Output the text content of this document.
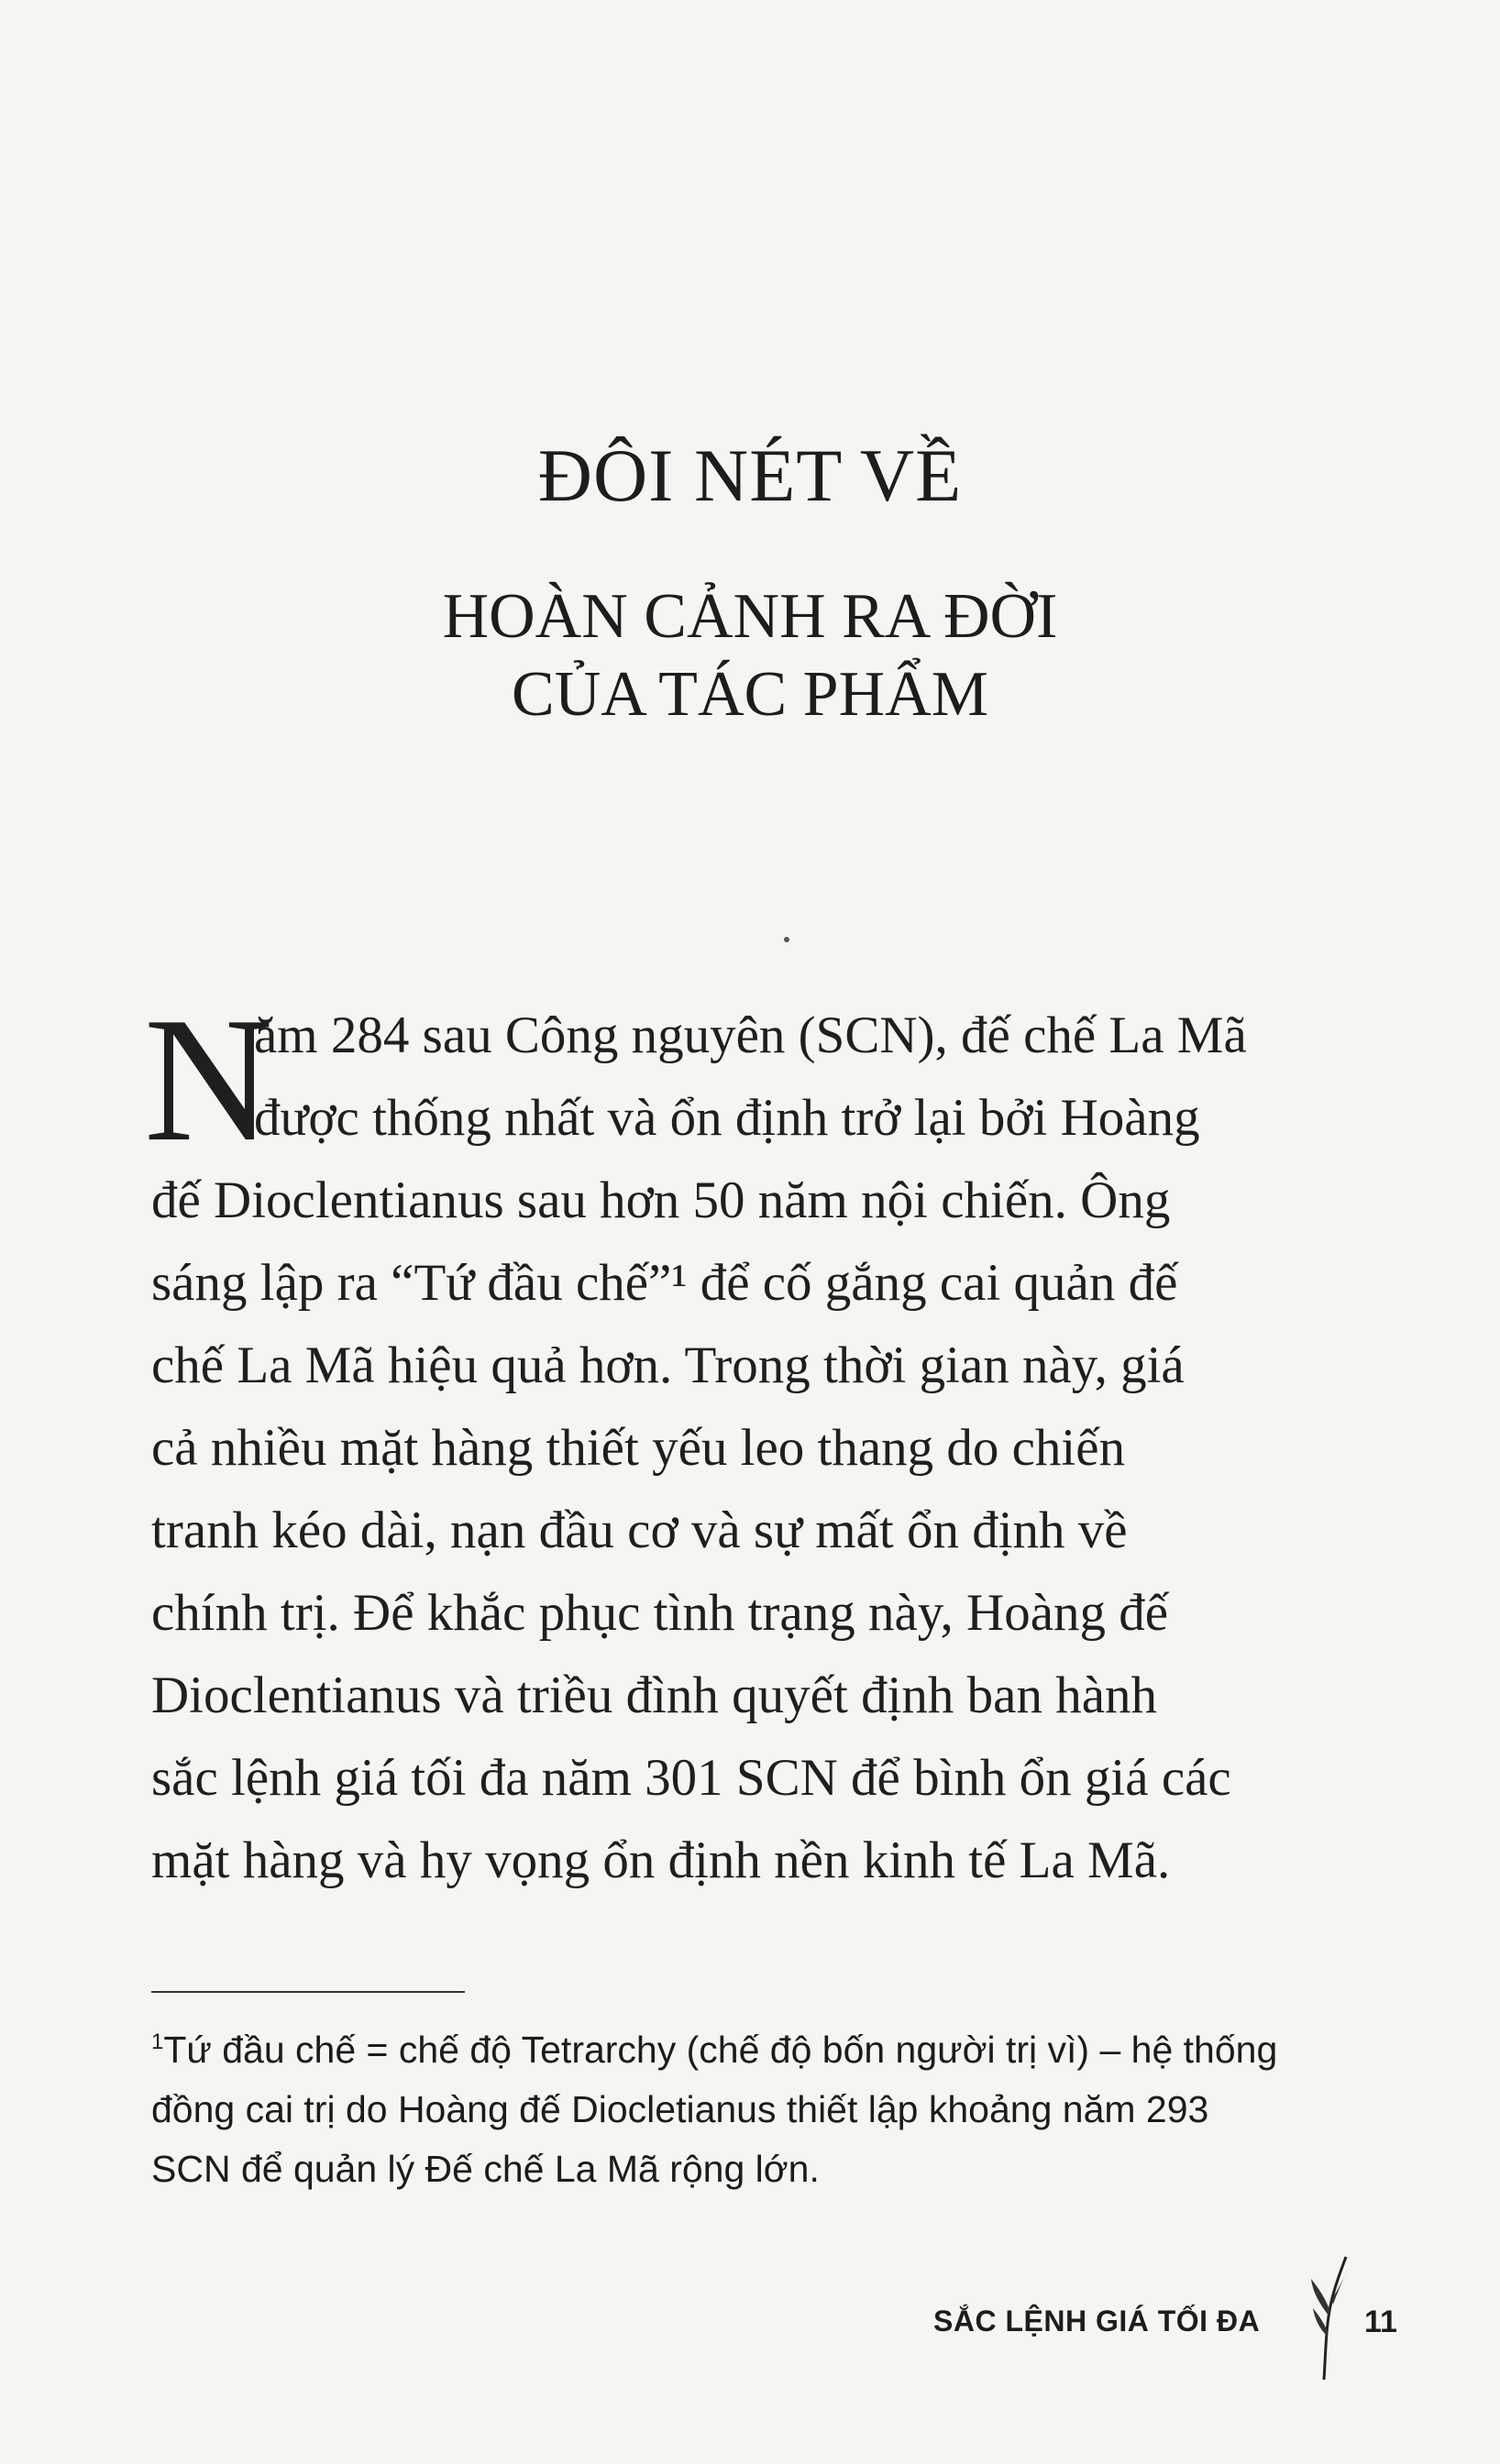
ĐÔI NÉT VỀ
HOÀN CẢNH RA ĐỜI
CỦA TÁC PHẨM
N
ăm 284 sau Công nguyên (SCN), đế chế La Mã
được thống nhất và ổn định trở lại bởi Hoàng
đế Dioclentianus sau hơn 50 năm nội chiến. Ông
sáng lập ra “Tứ đầu chế”¹ để cố gắng cai quản đế
chế La Mã hiệu quả hơn. Trong thời gian này, giá
cả nhiều mặt hàng thiết yếu leo thang do chiến
tranh kéo dài, nạn đầu cơ và sự mất ổn định về
chính trị. Để khắc phục tình trạng này, Hoàng đế
Dioclentianus và triều đình quyết định ban hành
sắc lệnh giá tối đa năm 301 SCN để bình ổn giá các
mặt hàng và hy vọng ổn định nền kinh tế La Mã.
$^1$Tứ đầu chế = chế độ Tetrarchy (chế độ bốn người trị vì) – hệ thống
đồng cai trị do Hoàng đế Diocletianus thiết lập khoảng năm 293
SCN để quản lý Đế chế La Mã rộng lớn.
SẮC LỆNH GIÁ TỐI ĐA	11
